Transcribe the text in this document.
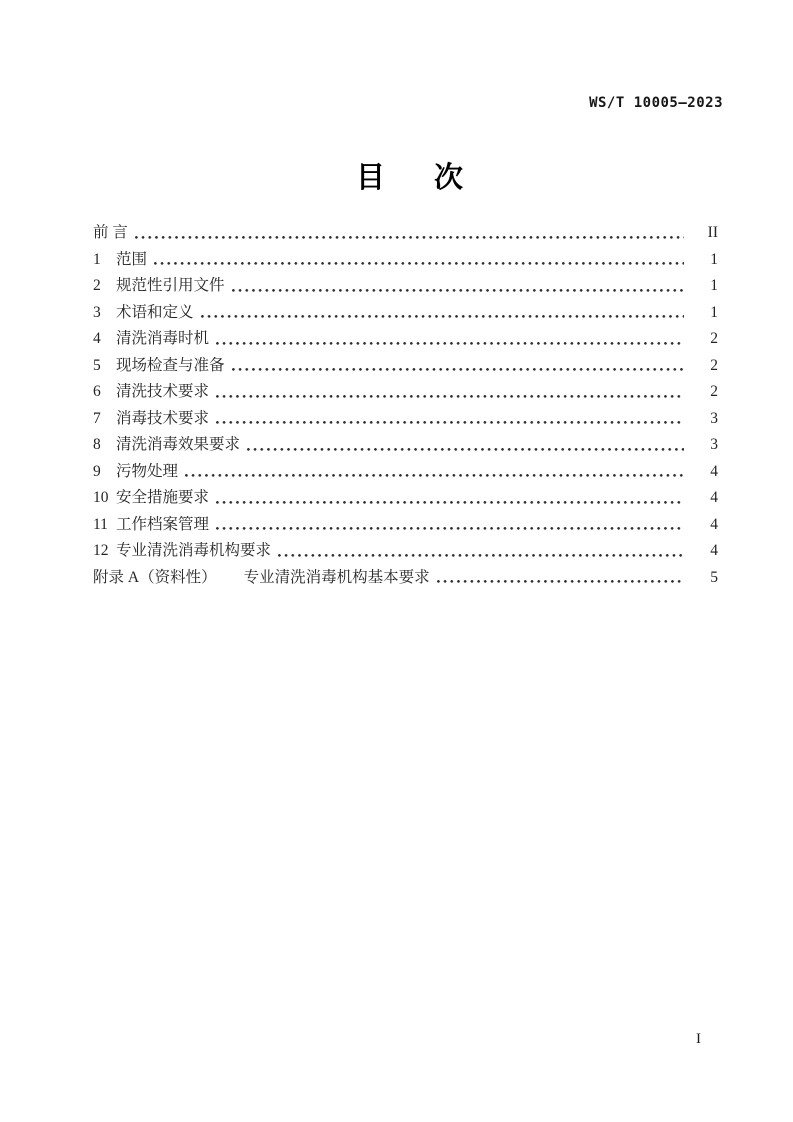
WS/T 10005—2023
目　次
前 言	II
1 范围	1
2 规范性引用文件	1
3 术语和定义	1
4 清洗消毒时机	2
5 现场检查与准备	2
6 清洗技术要求	2
7 消毒技术要求	3
8 清洗消毒效果要求	3
9 污物处理	4
10 安全措施要求	4
11 工作档案管理	4
12 专业清洗消毒机构要求	4
附录 A（资料性） 专业清洗消毒机构基本要求	5
I
